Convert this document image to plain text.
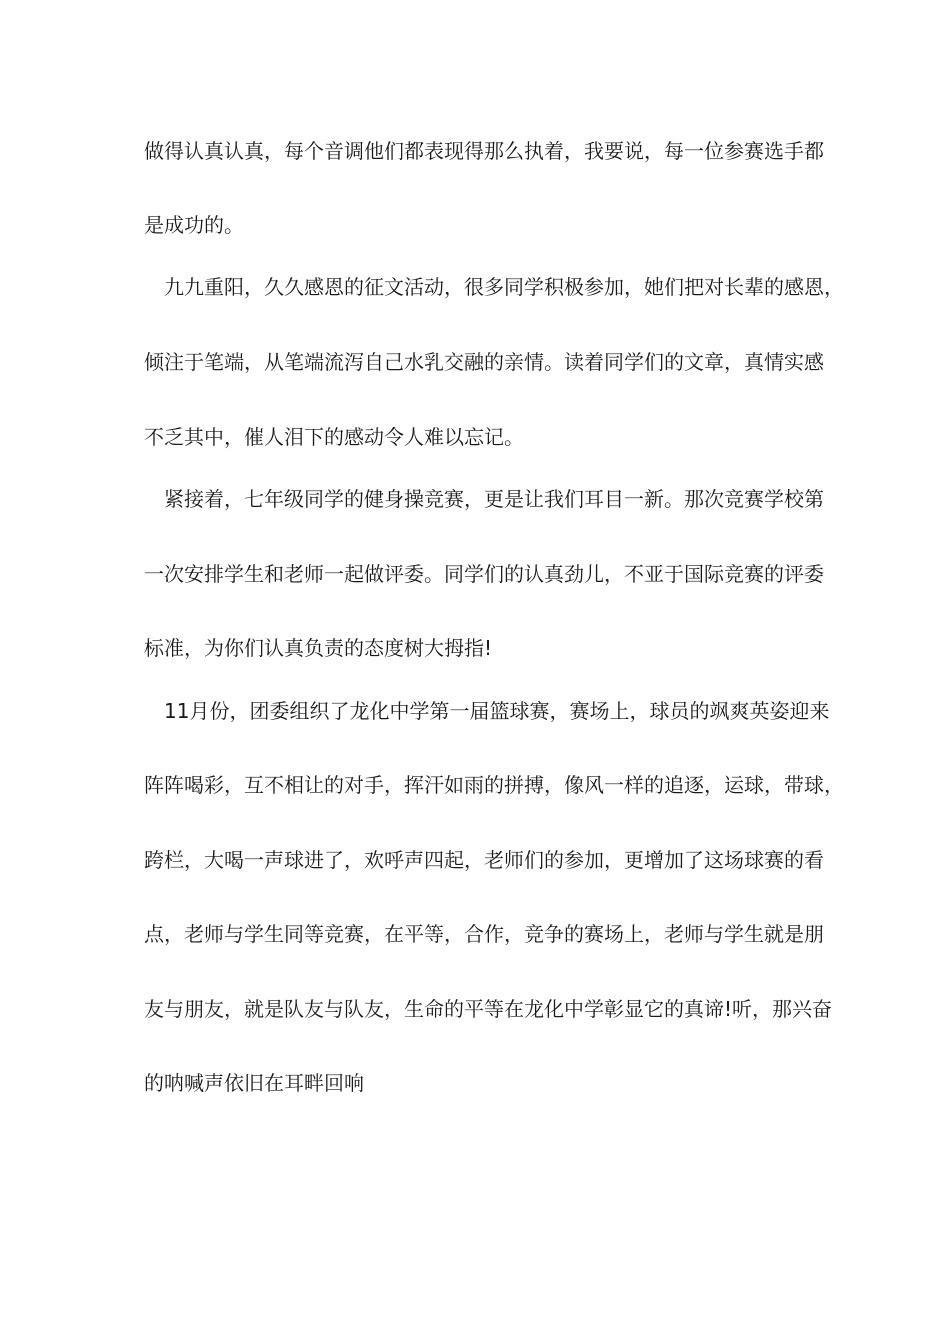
做得认真认真，每个音调他们都表现得那么执着，我要说，每一位参赛选手都
是成功的。
九九重阳，久久感恩的征文活动，很多同学积极参加，她们把对长辈的感恩，
倾注于笔端，从笔端流泻自己水乳交融的亲情。读着同学们的文章，真情实感
不乏其中，催人泪下的感动令人难以忘记。
紧接着，七年级同学的健身操竞赛，更是让我们耳目一新。那次竞赛学校第
一次安排学生和老师一起做评委。同学们的认真劲儿，不亚于国际竞赛的评委
标准，为你们认真负责的态度树大拇指!
11月份，团委组织了龙化中学第一届篮球赛，赛场上，球员的飒爽英姿迎来
阵阵喝彩，互不相让的对手，挥汗如雨的拼搏，像风一样的追逐，运球，带球，
跨栏，大喝一声球进了，欢呼声四起，老师们的参加，更增加了这场球赛的看
点，老师与学生同等竞赛，在平等，合作，竞争的赛场上，老师与学生就是朋
友与朋友，就是队友与队友，生命的平等在龙化中学彰显它的真谛!听，那兴奋
的呐喊声依旧在耳畔回响
